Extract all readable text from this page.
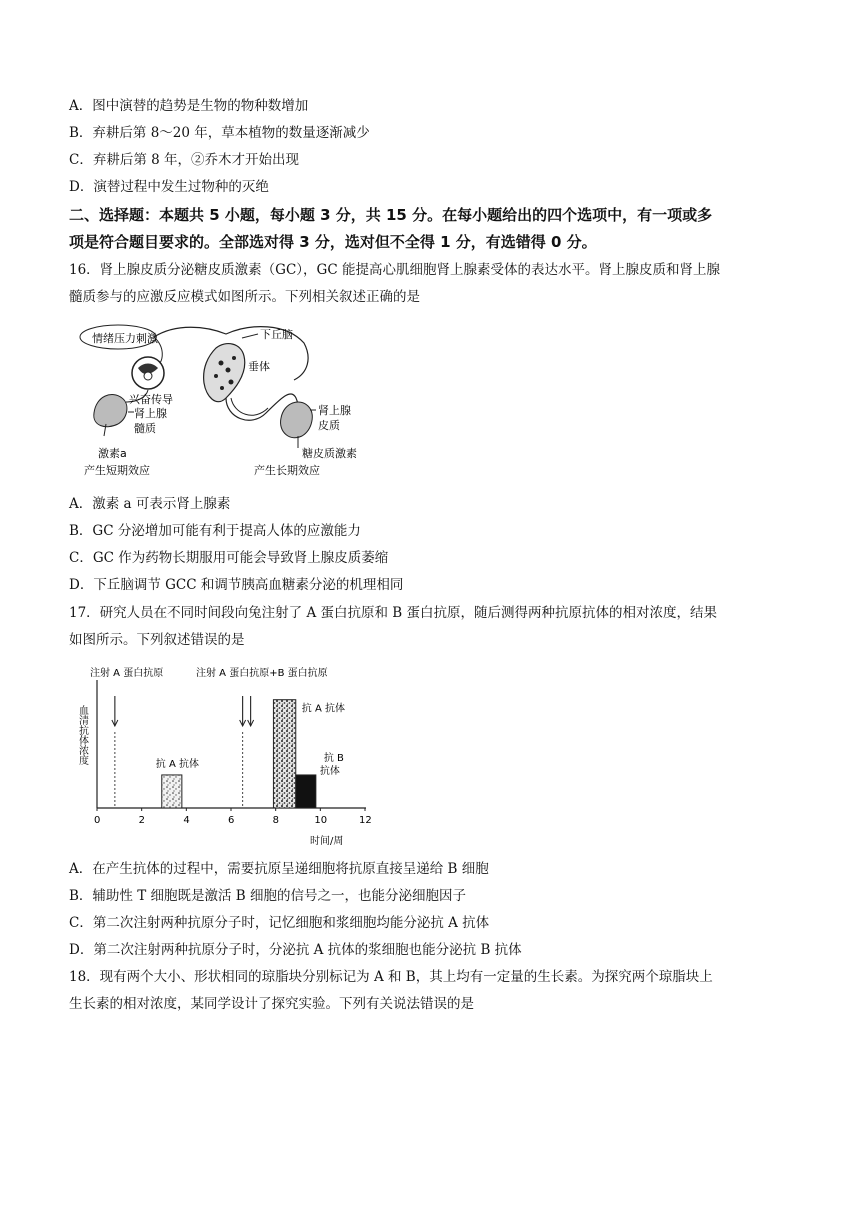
A．图中演替的趋势是生物的物种数增加
B．弃耕后第 8～20 年，草本植物的数量逐渐减少
C．弃耕后第 8 年，②乔木才开始出现
D．演替过程中发生过物种的灭绝
二、选择题：本题共 5 小题，每小题 3 分，共 15 分。在每小题给出的四个选项中，有一项或多
项是符合题目要求的。全部选对得 3 分，选对但不全得 1 分，有选错得 0 分。
16．肾上腺皮质分泌糖皮质激素（GC），GC 能提高心肌细胞肾上腺素受体的表达水平。肾上腺皮质和肾上腺
髓质参与的应激反应模式如图所示。下列相关叙述正确的是
情绪压力刺激	下丘脑
垂体
兴奋传导
肾上腺
髓质
激素a
产生短期效应
肾上腺
皮质
糖皮质激素
产生长期效应
A．激素 a 可表示肾上腺素
B．GC 分泌增加可能有利于提高人体的应激能力
C．GC 作为药物长期服用可能会导致肾上腺皮质萎缩
D．下丘脑调节 GCC 和调节胰高血糖素分泌的机理相同
17．研究人员在不同时间段向兔注射了 A 蛋白抗原和 B 蛋白抗原，随后测得两种抗原抗体的相对浓度，结果
如图所示。下列叙述错误的是
血清抗体浓度
时间/周
注射 A 蛋白抗原	注射 A 蛋白抗原+B 蛋白抗原
0	2	4	6	8	10	12
抗 A 抗体
抗 A 抗体
抗 B
抗体
A．在产生抗体的过程中，需要抗原呈递细胞将抗原直接呈递给 B 细胞
B．辅助性 T 细胞既是激活 B 细胞的信号之一，也能分泌细胞因子
C．第二次注射两种抗原分子时，记忆细胞和浆细胞均能分泌抗 A 抗体
D．第二次注射两种抗原分子时，分泌抗 A 抗体的浆细胞也能分泌抗 B 抗体
18．现有两个大小、形状相同的琼脂块分别标记为 A 和 B，其上均有一定量的生长素。为探究两个琼脂块上
生长素的相对浓度，某同学设计了探究实验。下列有关说法错误的是
